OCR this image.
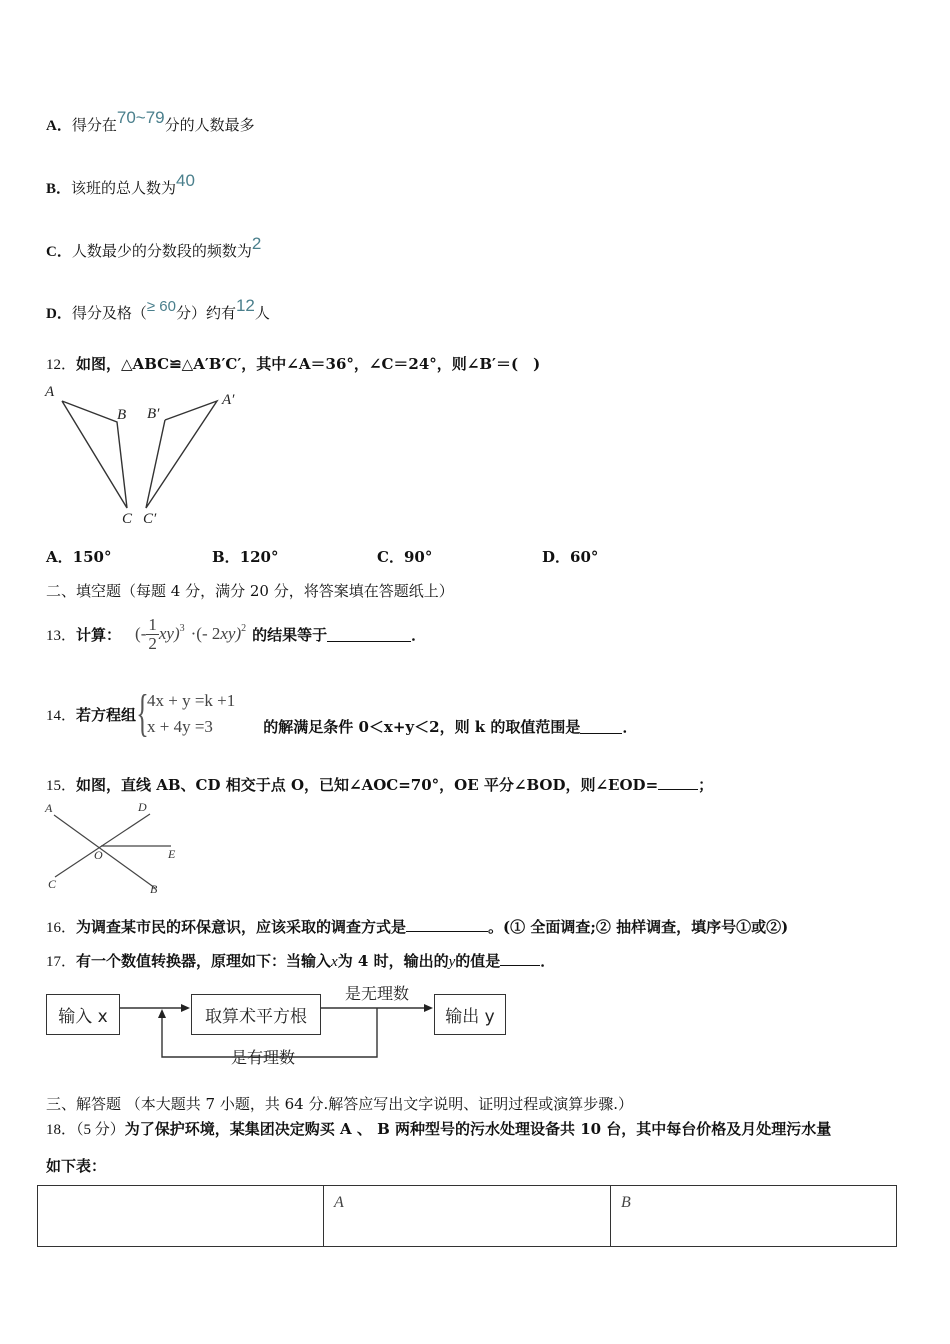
A．得分在70~79分的人数最多
B．该班的总人数为40
C．人数最少的分数段的频数为2
D．得分及格（≥ 60分）约有12人
12．如图，△ABC≌△A′B′C′，其中∠A＝36°，∠C＝24°，则∠B′＝(　)
A
B
C
B′
A′
C′
A．150°	B．120°	C．90°	D．60°
二、填空题（每题 4 分，满分 20 分，将答案填在答题纸上）
13． 计算： (- $\frac{1}{2} xy)^3$ ·(- 2 xy)$^2$ 的结果等于	．
14． 若方程组 {
4x + y =k +1
x + 4y =3	的解满足条件 0＜x+y＜2，则 k 的取值范围是	．
15．如图，直线 AB、CD 相交于点 O，已知∠AOC=70°，OE 平分∠BOD，则∠EOD=	；
A	D
E
O
C	B
16．为调查某市民的环保意识，应该采取的调查方式是	。(① 全面调查;② 抽样调查，填序号①或②)
17．有一个数值转换器，原理如下：当输入x为 4 时，输出的y的值是	．
输入 x	取算术平方根	输出 y
是无理数
是有理数
三、解答题 （本大题共 7 小题，共 64 分.解答应写出文字说明、证明过程或演算步骤.）
18．（5 分）为了保护环境，某集团决定购买 A 、 B 两种型号的污水处理设备共 10 台，其中每台价格及月处理污水量
如下表：
	A	B
